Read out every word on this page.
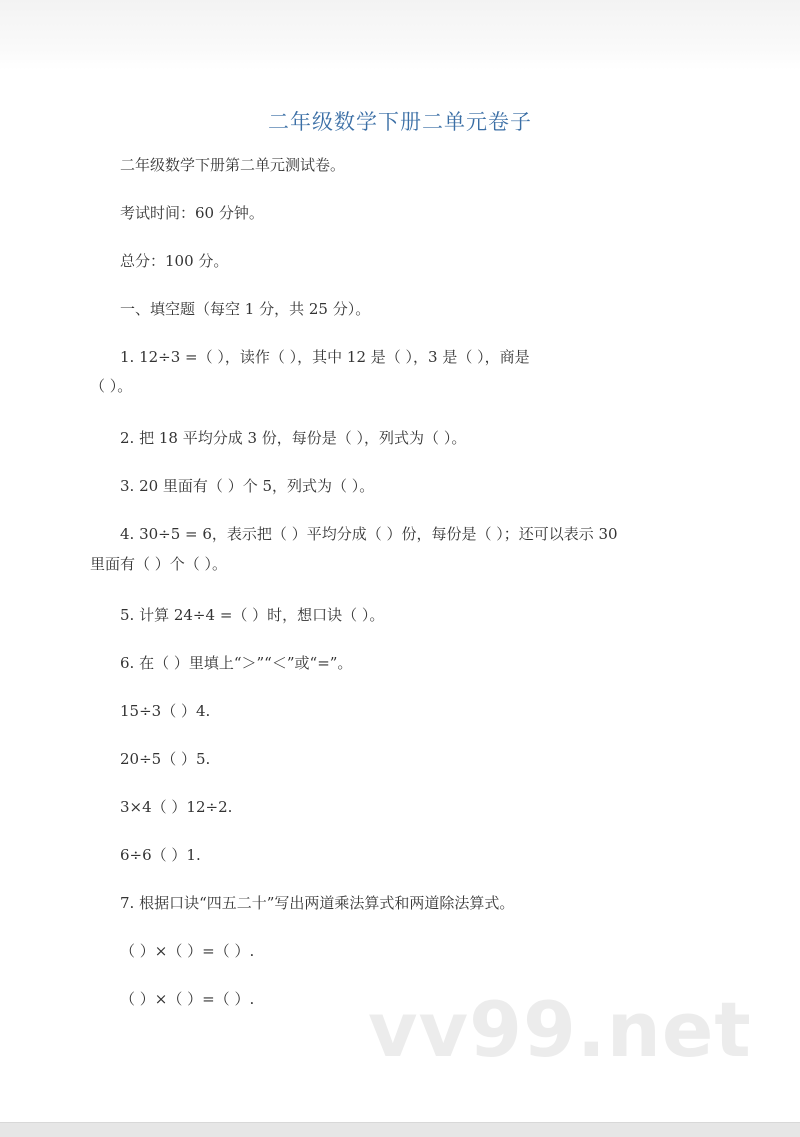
二年级数学下册二单元卷子
二年级数学下册第二单元测试卷。
考试时间：60 分钟。
总分：100 分。
一、填空题（每空 1 分，共 25 分）。
1. 12÷3 =（ ），读作（ ），其中 12 是（ ），3 是（ ），商是
（ ）。
2. 把 18 平均分成 3 份，每份是（ ），列式为（ ）。
3. 20 里面有（ ）个 5，列式为（ ）。
4. 30÷5 = 6，表示把（ ）平均分成（ ）份，每份是（ ）；还可以表示 30
里面有（ ）个（ ）。
5. 计算 24÷4 =（ ）时，想口诀（ ）。
6. 在（ ）里填上“＞”“＜”或“=”。
15÷3（ ）4.
20÷5（ ）5.
3×4（ ）12÷2.
6÷6（ ）1.
7. 根据口诀“四五二十”写出两道乘法算式和两道除法算式。
（ ）×（ ）=（ ）.
（ ）×（ ）=（ ）. vv99.net
